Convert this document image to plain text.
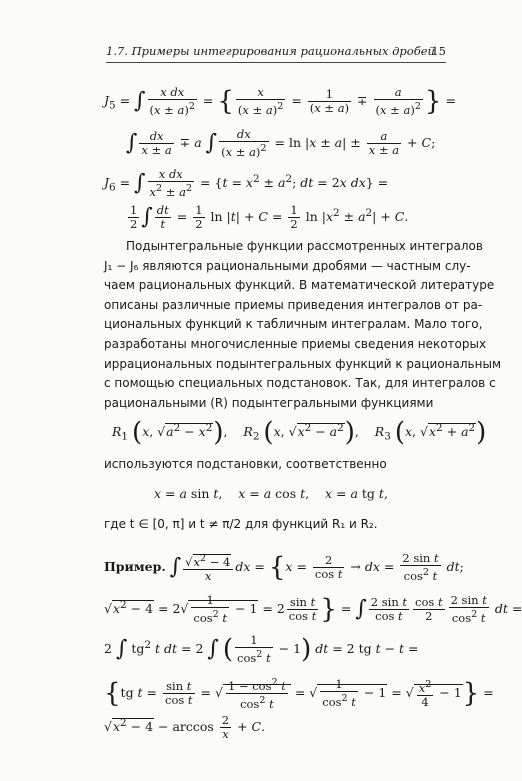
1.7. Примеры интегрирования рациональных дробей
15
$J_5$ = ∫ $\frac{\text{x dx}}{(x \pm a)^2}$ = { $\frac{x}{(x \pm a)^2} = \frac{1}{(x \pm a)} \mp \frac{a}{(x \pm a)^2}$ } =
∫ $\frac{dx}{x \pm a} \mp a$ ∫ $\frac{dx}{(x \pm a)^2} = \ln |x \pm a| \pm \frac{a}{x \pm a} + C$;
$J_6$ = ∫ $\frac{\text{x dx}}{x^2 \pm a^2} = \{t = x^2 \pm a^2$; dt = 2x dx} =
$\frac{1}{2}$ ∫ $\frac{dt}{t} = \frac{1}{2}$ $\ln |t| + C = \frac{1}{2}$ $\ln |x^2 \pm a^2| + C$.
Подынтегральные функции рассмотренных интегралов
J₁ − J₆ являются рациональными дробями — частным слу-
чаем рациональных функций. В математической литературе
описаны различные приемы приведения интегралов от ра-
циональных функций к табличным интегралам. Мало того,
разработаны многочисленные приемы сведения некоторых
иррациональных подынтегральных функций к рациональным
с помощью специальных подстановок. Так, для интегралов с
рациональными (R) подынтегральными функциями
$R_1$ (x, $√a^2 - x^2$),    $R_2$ (x, $√x^2 - a^2$),    $R_3$ (x, $√x^2 + a^2$)
используются подстановки, соответственно
x = a sin t,    x = a cos t,    x = a tg t,
где t ∈ [0, π] и t ≠ π/2 для функций R₁ и R₂.
Пример. ∫ $\frac{√x^2 - 4}{x}$ dx = {$x = \frac{2}{\text{cos t}}$ → dx = $\frac{\text{2 sin t}}{\cos^2 t}$ dt;
$√x^2 - 4 = 2√ \frac{1}{\cos^2 t} - 1 = 2 \frac{\text{sin t}}{\text{cos t}}$ } = ∫ $\frac{\text{2 sin t}}{\text{cos t}} \frac{\text{cos t}}{2} \frac{\text{2 sin t}}{\cos^2 t}$ dt =
2 ∫ $tg^2$ t dt = 2 ∫ ( $\frac{1}{\cos^2 t} - 1$) dt = 2 tg t − t =
{tg $t = \frac{\text{sin t}}{\text{cos t}}$ = √ $\frac{1 - \cos^2 t}{\cos^2 t}$ = √ $\frac{1}{\cos^2 t} - 1$ = √ $\frac{x^2}{4} - 1$} =
$√x^2 - 4 - \arccos \frac{2}{x} + C$.
